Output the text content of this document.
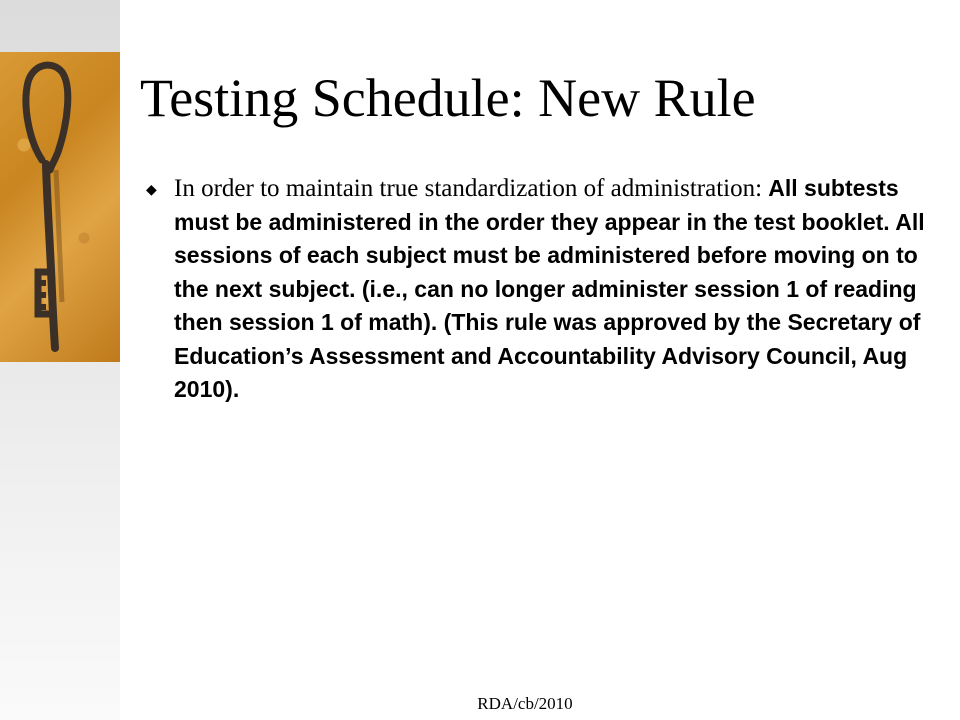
Testing Schedule: New Rule
◆ In order to maintain true standardization of administration: All subtests must be administered in the order they appear in the test booklet. All sessions of each subject must be administered before moving on to the next subject. (i.e., can no longer administer session 1 of reading then session 1 of math). (This rule was approved by the Secretary of Education’s Assessment and Accountability Advisory Council, Aug 2010).
RDA/cb/2010
